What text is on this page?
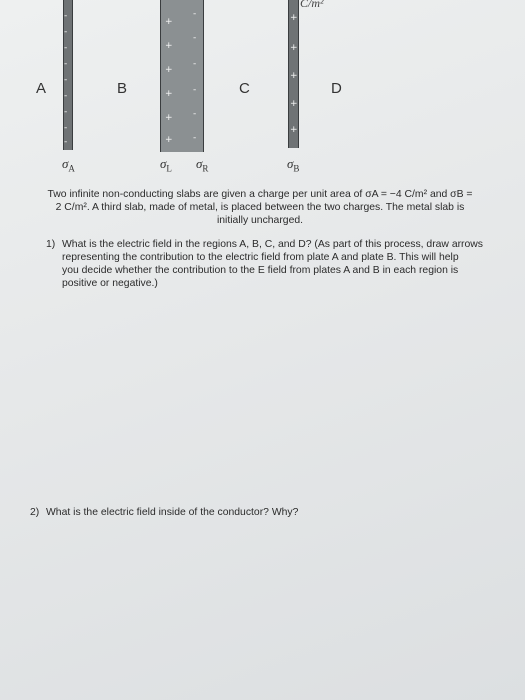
C/m²
-
-
-
-
-
-
-
-
-
+
+
+
+
+
+
-
-
-
-
-
-
+
+
+
+
+
A	B	C	D
$\sigma_A$	$\sigma_L$ $\sigma_R$	$\sigma_B$
Two infinite non-conducting slabs are given a charge per unit area of σA = −4 C/m² and σB =
2 C/m². A third slab, made of metal, is placed between the two charges. The metal slab is
initially uncharged.
1) What is the electric field in the regions A, B, C, and D? (As part of this process, draw arrows
representing the contribution to the electric field from plate A and plate B. This will help
you decide whether the contribution to the E field from plates A and B in each region is
positive or negative.)
2) What is the electric field inside of the conductor? Why?
